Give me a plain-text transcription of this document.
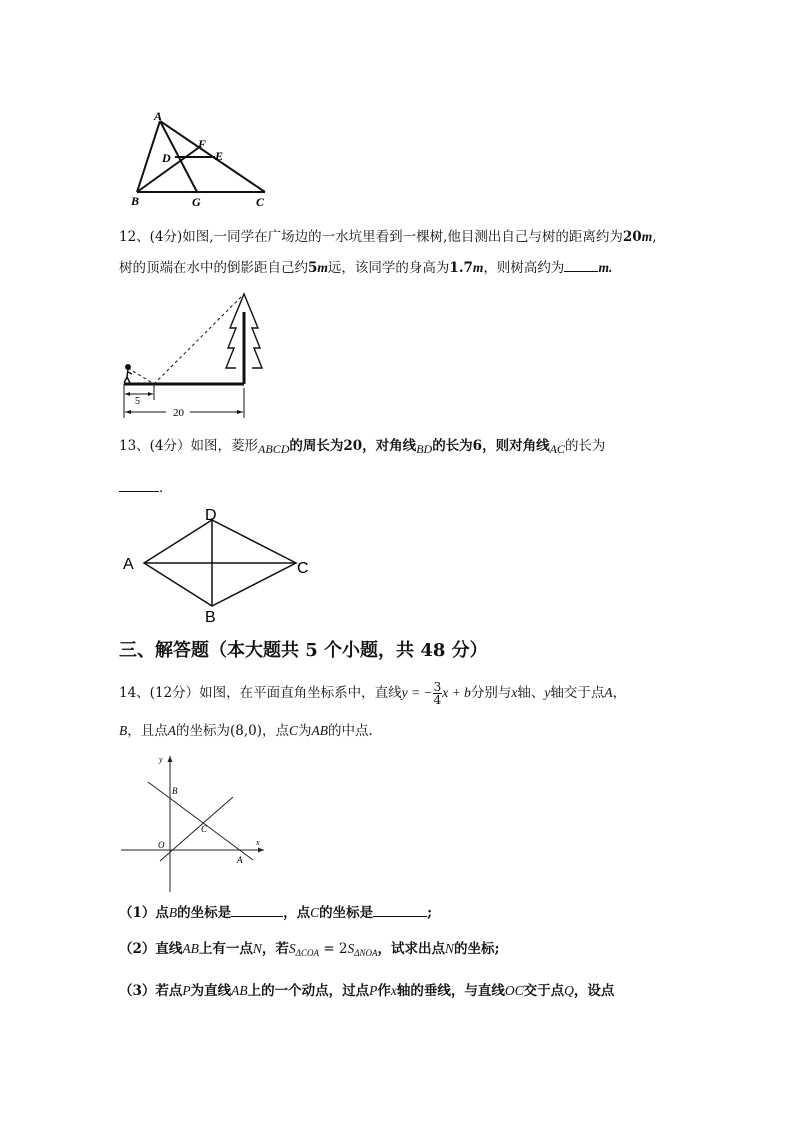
A
B	C
D	E
F
G
12、(4分)如图,一同学在广场边的一水坑里看到一棵树,他目测出自己与树的距离约为20m,
树的顶端在水中的倒影距自己约5m远，该同学的身高为1.7m，则树高约为	m.
5
20
13、(4分）如图，菱形ABCD的周长为20，对角线BD的长为6，则对角线AC的长为
.
A	C
D
B
三、解答题（本大题共 5 个小题，共 48 分）
14、(12分）如图，在平面直角坐标系中，直线y = − $\frac{3}{4}$ x + b分别与x轴、y轴交于点A，
B，且点A的坐标为(8,0)，点C为AB的中点.
y
x
O
B
C
A
（1）点B的坐标是	，点C的坐标是	;
（2）直线AB上有一点N，若$S_{\Delta COA} = 2S_{\Delta NOA}$，试求出点N的坐标;
（3）若点P为直线AB上的一个动点，过点P作x轴的垂线，与直线OC交于点Q，设点
